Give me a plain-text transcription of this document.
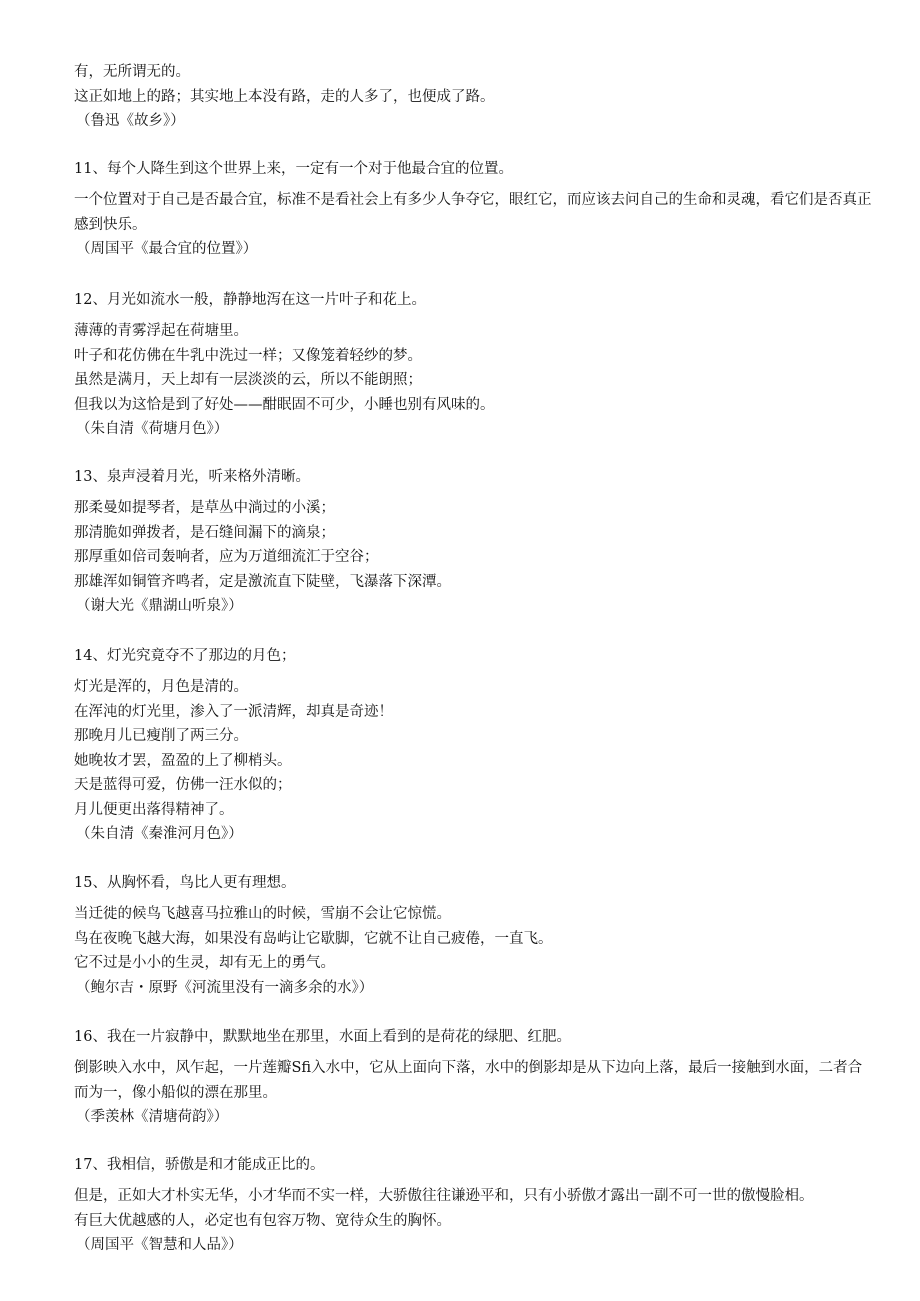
有，无所谓无的。
这正如地上的路；其实地上本没有路，走的人多了，也便成了路。
（鲁迅《故乡》）
11、每个人降生到这个世界上来，一定有一个对于他最合宜的位置。
一个位置对于自己是否最合宜，标准不是看社会上有多少人争夺它，眼红它，而应该去问自己的生命和灵魂，看它们是否真正感到快乐。
（周国平《最合宜的位置》）
12、月光如流水一般，静静地泻在这一片叶子和花上。
薄薄的青雾浮起在荷塘里。
叶子和花仿佛在牛乳中洗过一样；又像笼着轻纱的梦。
虽然是满月，天上却有一层淡淡的云，所以不能朗照；
但我以为这恰是到了好处——酣眠固不可少，小睡也别有风味的。
（朱自清《荷塘月色》）
13、泉声浸着月光，听来格外清晰。
那柔曼如提琴者，是草丛中淌过的小溪；
那清脆如弹拨者，是石缝间漏下的滴泉；
那厚重如倍司轰响者，应为万道细流汇于空谷；
那雄浑如铜管齐鸣者，定是激流直下陡壁，飞瀑落下深潭。
（谢大光《鼎湖山听泉》）
14、灯光究竟夺不了那边的月色；
灯光是浑的，月色是清的。
在浑沌的灯光里，渗入了一派清辉，却真是奇迹！
那晚月儿已瘦削了两三分。
她晚妆才罢，盈盈的上了柳梢头。
天是蓝得可爱，仿佛一汪水似的；
月儿便更出落得精神了。
（朱自清《秦淮河月色》）
15、从胸怀看，鸟比人更有理想。
当迁徙的候鸟飞越喜马拉雅山的时候，雪崩不会让它惊慌。
鸟在夜晚飞越大海，如果没有岛屿让它歇脚，它就不让自己疲倦，一直飞。
它不过是小小的生灵，却有无上的勇气。
（鲍尔吉・原野《河流里没有一滴多余的水》）
16、我在一片寂静中，默默地坐在那里，水面上看到的是荷花的绿肥、红肥。
倒影映入水中，风乍起，一片莲瓣Sfi入水中，它从上面向下落，水中的倒影却是从下边向上落，最后一接触到水面，二者合而为一，像小船似的漂在那里。
（季羡林《清塘荷韵》）
17、我相信，骄傲是和才能成正比的。
但是，正如大才朴实无华，小才华而不实一样，大骄傲往往谦逊平和，只有小骄傲才露出一副不可一世的傲慢脸相。
有巨大优越感的人，必定也有包容万物、宽待众生的胸怀。
（周国平《智慧和人品》）
